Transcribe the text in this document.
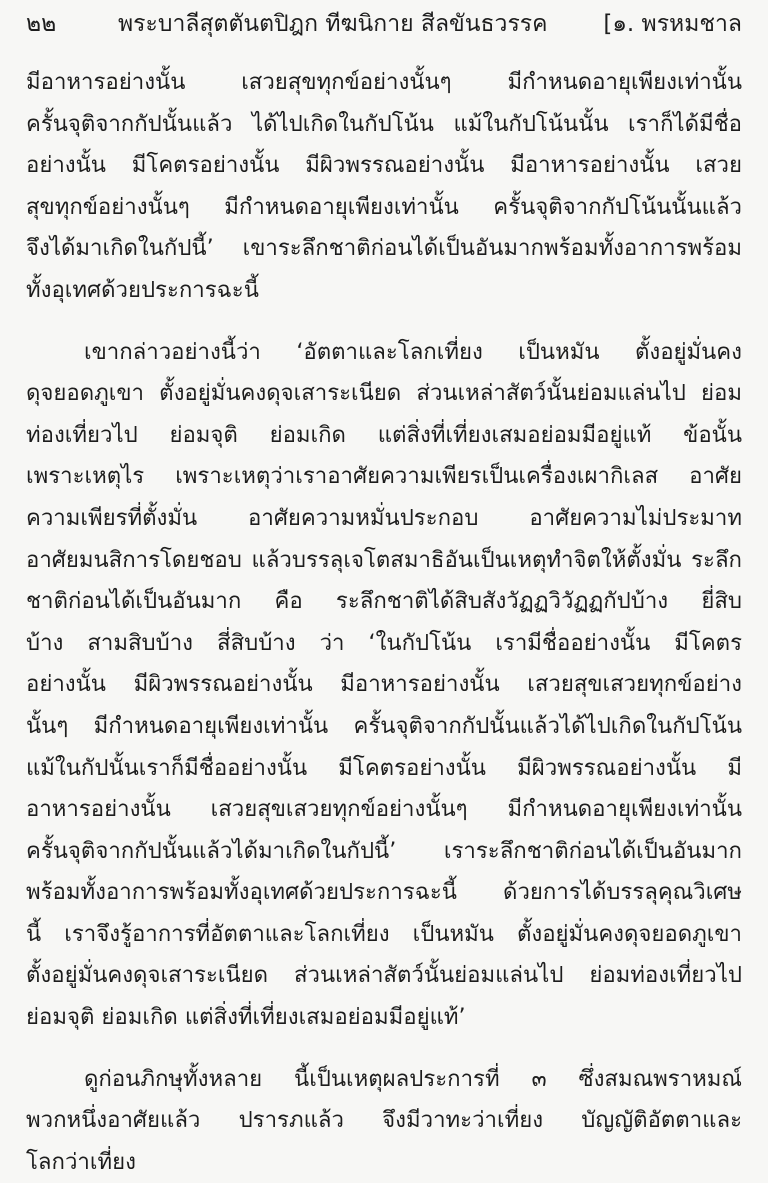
๒๒	พระบาลีสุตตันตปิฎก ทีฆนิกาย สีลขันธวรรค [๑. พรหมชาล
มีอาหารอย่างนั้น เสวยสุขทุกข์อย่างนั้นๆ มีกำหนดอายุเพียงเท่านั้น
ครั้นจุติจากกัปนั้นแล้ว ได้ไปเกิดในกัปโน้น แม้ในกัปโน้นนั้น เราก็ได้มีชื่อ
อย่างนั้น มีโคตรอย่างนั้น มีผิวพรรณอย่างนั้น มีอาหารอย่างนั้น เสวย
สุขทุกข์อย่างนั้นๆ มีกำหนดอายุเพียงเท่านั้น ครั้นจุติจากกัปโน้นนั้นแล้ว
จึงได้มาเกิดในกัปนี้’ เขาระลึกชาติก่อนได้เป็นอันมากพร้อมทั้งอาการพร้อม
ทั้งอุเทศด้วยประการฉะนี้
เขากล่าวอย่างนี้ว่า ‘อัตตาและโลกเที่ยง เป็นหมัน ตั้งอยู่มั่นคง
ดุจยอดภูเขา ตั้งอยู่มั่นคงดุจเสาระเนียด ส่วนเหล่าสัตว์นั้นย่อมแล่นไป ย่อม
ท่องเที่ยวไป ย่อมจุติ ย่อมเกิด แต่สิ่งที่เที่ยงเสมอย่อมมีอยู่แท้ ข้อนั้น
เพราะเหตุไร เพราะเหตุว่าเราอาศัยความเพียรเป็นเครื่องเผากิเลส อาศัย
ความเพียรที่ตั้งมั่น อาศัยความหมั่นประกอบ อาศัยความไม่ประมาท
อาศัยมนสิการโดยชอบ แล้วบรรลุเจโตสมาธิอันเป็นเหตุทำจิตให้ตั้งมั่น ระลึก
ชาติก่อนได้เป็นอันมาก คือ ระลึกชาติได้สิบสังวัฏฏวิวัฏฏกัปบ้าง ยี่สิบ
บ้าง สามสิบบ้าง สี่สิบบ้าง ว่า ‘ในกัปโน้น เรามีชื่ออย่างนั้น มีโคตร
อย่างนั้น มีผิวพรรณอย่างนั้น มีอาหารอย่างนั้น เสวยสุขเสวยทุกข์อย่าง
นั้นๆ มีกำหนดอายุเพียงเท่านั้น ครั้นจุติจากกัปนั้นแล้วได้ไปเกิดในกัปโน้น
แม้ในกัปนั้นเราก็มีชื่ออย่างนั้น มีโคตรอย่างนั้น มีผิวพรรณอย่างนั้น มี
อาหารอย่างนั้น เสวยสุขเสวยทุกข์อย่างนั้นๆ มีกำหนดอายุเพียงเท่านั้น
ครั้นจุติจากกัปนั้นแล้วได้มาเกิดในกัปนี้’ เราระลึกชาติก่อนได้เป็นอันมาก
พร้อมทั้งอาการพร้อมทั้งอุเทศด้วยประการฉะนี้ ด้วยการได้บรรลุคุณวิเศษ
นี้ เราจึงรู้อาการที่อัตตาและโลกเที่ยง เป็นหมัน ตั้งอยู่มั่นคงดุจยอดภูเขา
ตั้งอยู่มั่นคงดุจเสาระเนียด ส่วนเหล่าสัตว์นั้นย่อมแล่นไป ย่อมท่องเที่ยวไป
ย่อมจุติ ย่อมเกิด แต่สิ่งที่เที่ยงเสมอย่อมมีอยู่แท้’
ดูก่อนภิกษุทั้งหลาย นี้เป็นเหตุผลประการที่ ๓ ซึ่งสมณพราหมณ์
พวกหนึ่งอาศัยแล้ว ปรารภแล้ว จึงมีวาทะว่าเที่ยง บัญญัติอัตตาและ
โลกว่าเที่ยง
